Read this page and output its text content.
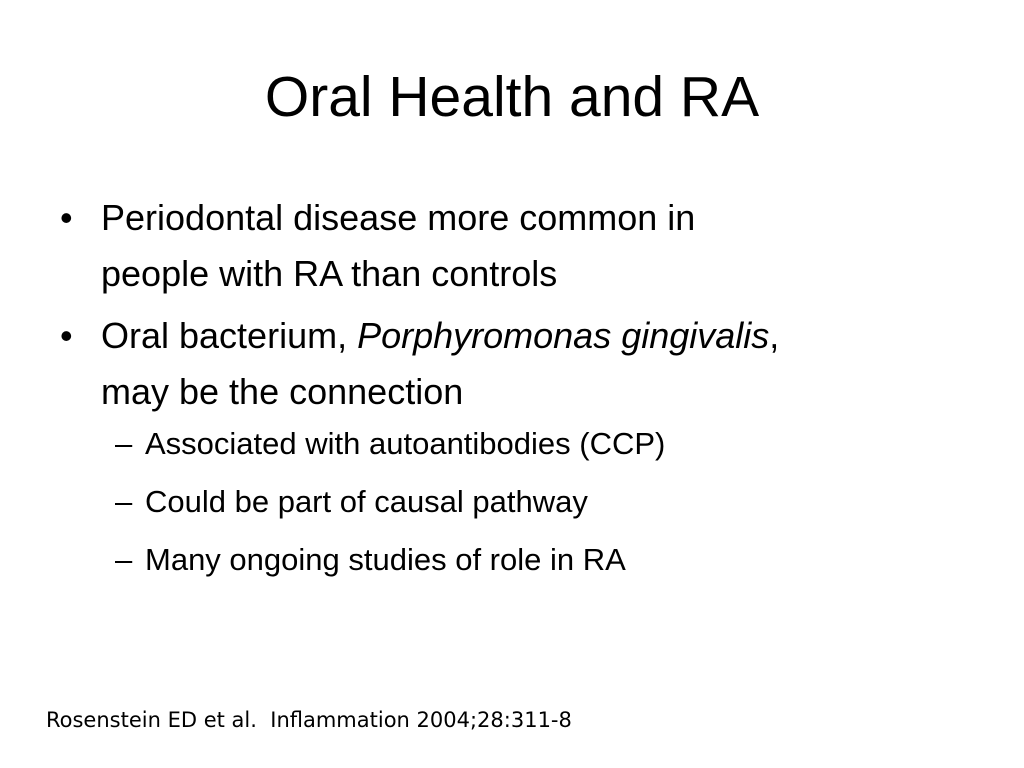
Oral Health and RA
• Periodontal disease more common in
people with RA than controls
• Oral bacterium, Porphyromonas gingivalis,
may be the connection
– Associated with autoantibodies (CCP)
– Could be part of causal pathway
– Many ongoing studies of role in RA
Rosenstein ED et al.  Inflammation 2004;28:311-8
